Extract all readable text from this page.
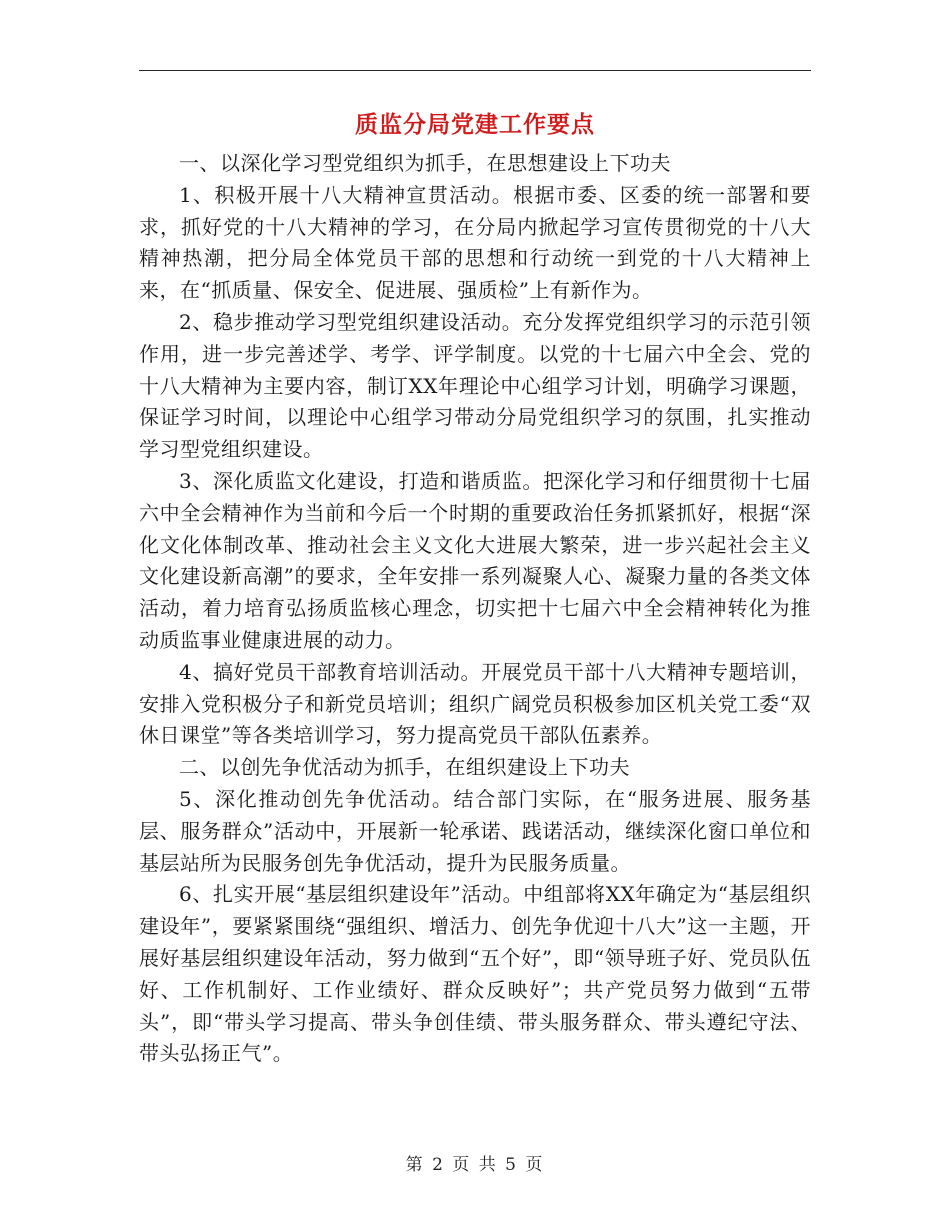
质监分局党建工作要点

一、以深化学习型党组织为抓手，在思想建设上下功夫

1、积极开展十八大精神宣贯活动。根据市委、区委的统一部署和要求，抓好党的十八大精神的学习，在分局内掀起学习宣传贯彻党的十八大精神热潮，把分局全体党员干部的思想和行动统一到党的十八大精神上来，在“抓质量、保安全、促进展、强质检”上有新作为。

2、稳步推动学习型党组织建设活动。充分发挥党组织学习的示范引领作用，进一步完善述学、考学、评学制度。以党的十七届六中全会、党的十八大精神为主要内容，制订XX年理论中心组学习计划，明确学习课题，保证学习时间，以理论中心组学习带动分局党组织学习的氛围，扎实推动学习型党组织建设。

3、深化质监文化建设，打造和谐质监。把深化学习和仔细贯彻十七届六中全会精神作为当前和今后一个时期的重要政治任务抓紧抓好，根据“深化文化体制改革、推动社会主义文化大进展大繁荣，进一步兴起社会主义文化建设新高潮”的要求，全年安排一系列凝聚人心、凝聚力量的各类文体活动，着力培育弘扬质监核心理念，切实把十七届六中全会精神转化为推动质监事业健康进展的动力。

4、搞好党员干部教育培训活动。开展党员干部十八大精神专题培训，安排入党积极分子和新党员培训；组织广阔党员积极参加区机关党工委“双休日课堂”等各类培训学习，努力提高党员干部队伍素养。

二、以创先争优活动为抓手，在组织建设上下功夫

5、深化推动创先争优活动。结合部门实际，在“服务进展、服务基层、服务群众”活动中，开展新一轮承诺、践诺活动，继续深化窗口单位和基层站所为民服务创先争优活动，提升为民服务质量。

6、扎实开展“基层组织建设年”活动。中组部将XX年确定为“基层组织建设年”，要紧紧围绕“强组织、增活力、创先争优迎十八大”这一主题，开展好基层组织建设年活动，努力做到“五个好”，即“领导班子好、党员队伍好、工作机制好、工作业绩好、群众反映好”；共产党员努力做到“五带头”，即“带头学习提高、带头争创佳绩、带头服务群众、带头遵纪守法、带头弘扬正气”。

第 2 页 共 5 页
